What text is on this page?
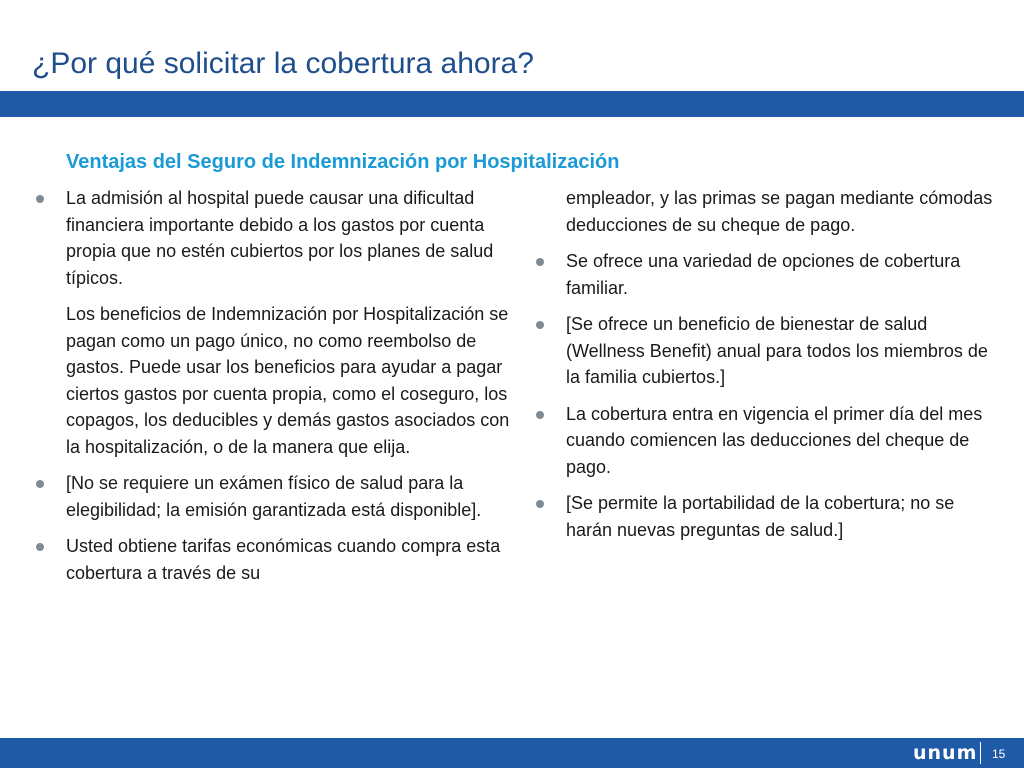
¿Por qué solicitar la cobertura ahora?
Ventajas del Seguro de Indemnización por Hospitalización
La admisión al hospital puede causar una dificultad financiera importante debido a los gastos por cuenta propia que no estén cubiertos por los planes de salud típicos.
Los beneficios de Indemnización por Hospitalización se pagan como un pago único, no como reembolso de gastos. Puede usar los beneficios para ayudar a pagar ciertos gastos por cuenta propia, como el coseguro, los copagos, los deducibles y demás gastos asociados con la hospitalización, o de la manera que elija.
[No se requiere un exámen físico de salud para la elegibilidad; la emisión garantizada está disponible].
Usted obtiene tarifas económicas cuando compra esta cobertura a través de su
empleador, y las primas se pagan mediante cómodas deducciones de su cheque de pago.
Se ofrece una variedad de opciones de cobertura familiar.
[Se ofrece un beneficio de bienestar de salud (Wellness Benefit) anual para todos los miembros de la familia cubiertos.]
La cobertura entra en vigencia el primer día del mes cuando comiencen las deducciones del cheque de pago.
[Se permite la portabilidad de la cobertura; no se harán nuevas preguntas de salud.]
unum 15
